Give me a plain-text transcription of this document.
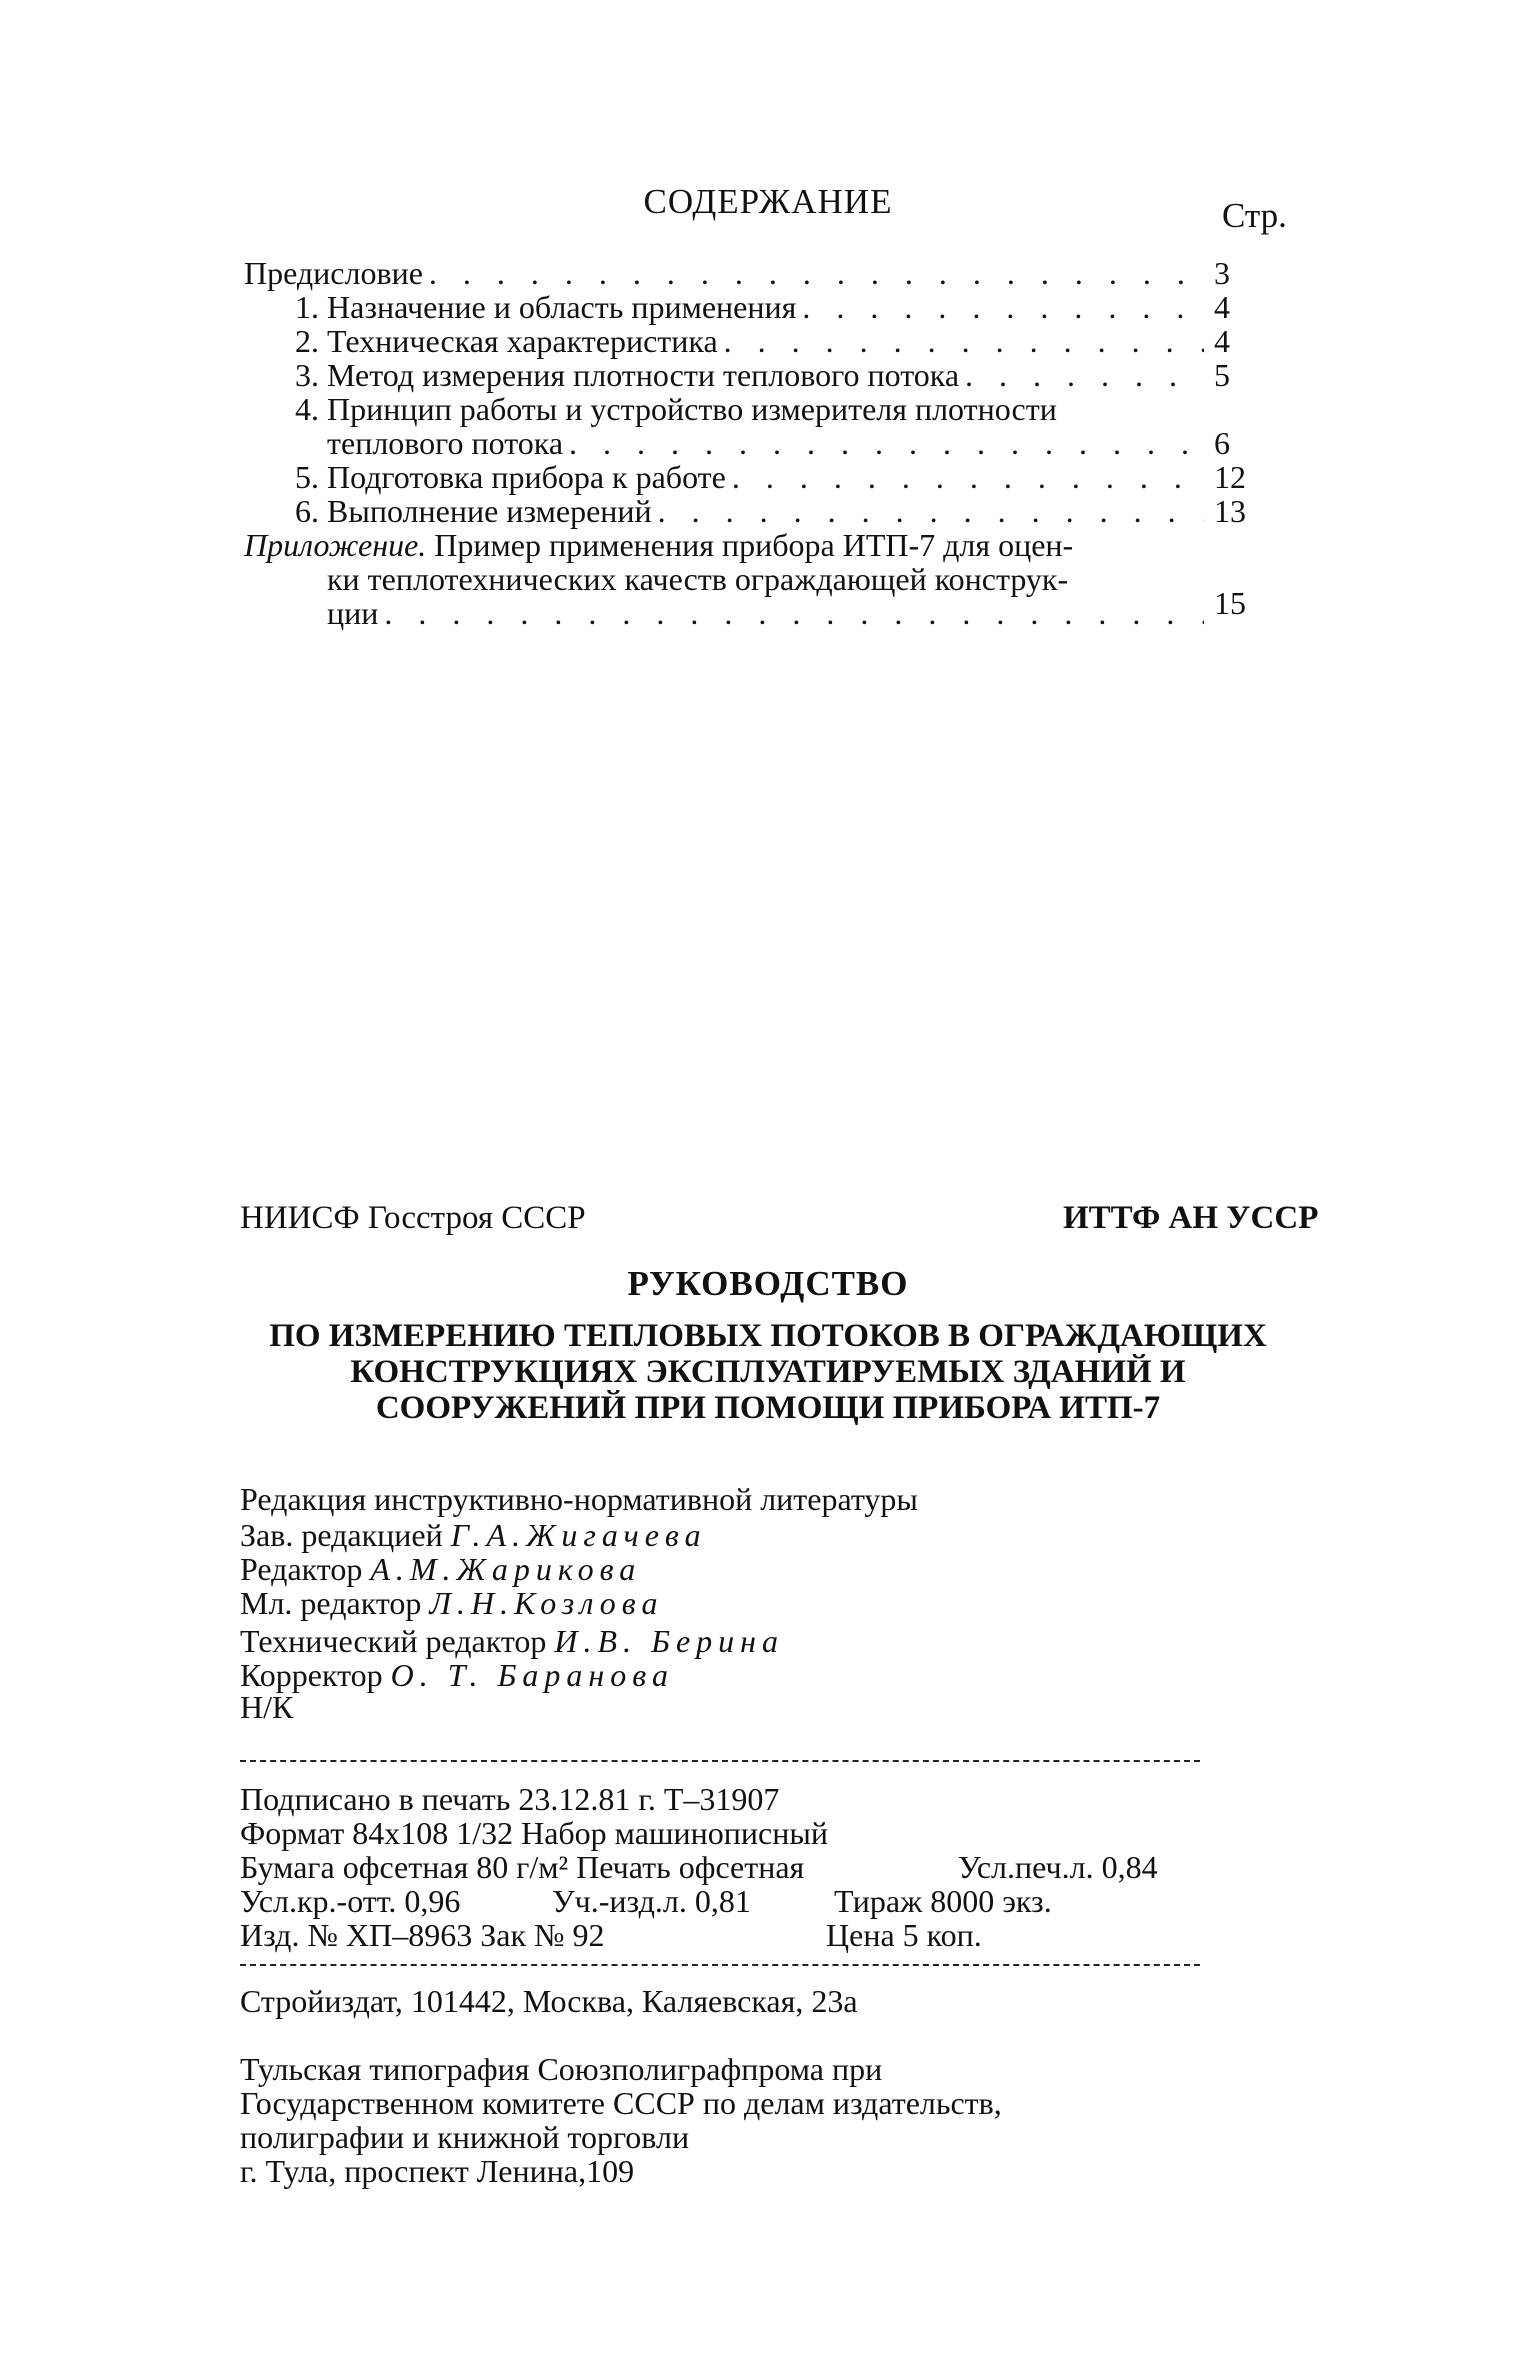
СОДЕРЖАНИЕ	Стр.
Предисловие . . .	3
1. Назначение и область применения . . .	4
2. Техническая характеристика . . .	4
3. Метод измерения плотности теплового потока . . .	5
4. Принцип работы и устройство измерителя плотности
теплового потока . . .	6
5. Подготовка прибора к работе . . .	12
6. Выполнение измерений . . .	13
Приложение. Пример применения прибора ИТП-7 для оцен-
ки теплотехнических качеств ограждающей конструк-
ции . . .	15
НИИСФ Госстроя СССР	ИТТФ АН УССР
РУКОВОДСТВО
ПО ИЗМЕРЕНИЮ ТЕПЛОВЫХ ПОТОКОВ В ОГРАЖДАЮЩИХ
КОНСТРУКЦИЯХ ЭКСПЛУАТИРУЕМЫХ ЗДАНИЙ И
СООРУЖЕНИЙ ПРИ ПОМОЩИ ПРИБОРА ИТП-7
Редакция инструктивно-нормативной литературы
Зав. редакцией Г.А.Жигачева
Редактор А.М.Жарикова
Мл. редактор Л.Н.Козлова
Технический редактор И.В. Берина
Корректор О. Т. Баранова
Н/К
Подписано в печать 23.12.81 г. Т–31907
Формат 84х108 1/32 Набор машинописный
Бумага офсетная 80 г/м² Печать офсетная	Усл.печ.л. 0,84
Усл.кр.-отт. 0,96	Уч.-изд.л. 0,81	Тираж 8000 экз.
Изд. № ХП–8963 Зак № 92	Цена 5 коп.
Стройиздат, 101442, Москва, Каляевская, 23а
Тульская типография Союзполиграфпрома при
Государственном комитете СССР по делам издательств,
полиграфии и книжной торговли
г. Тула, проспект Ленина,109
